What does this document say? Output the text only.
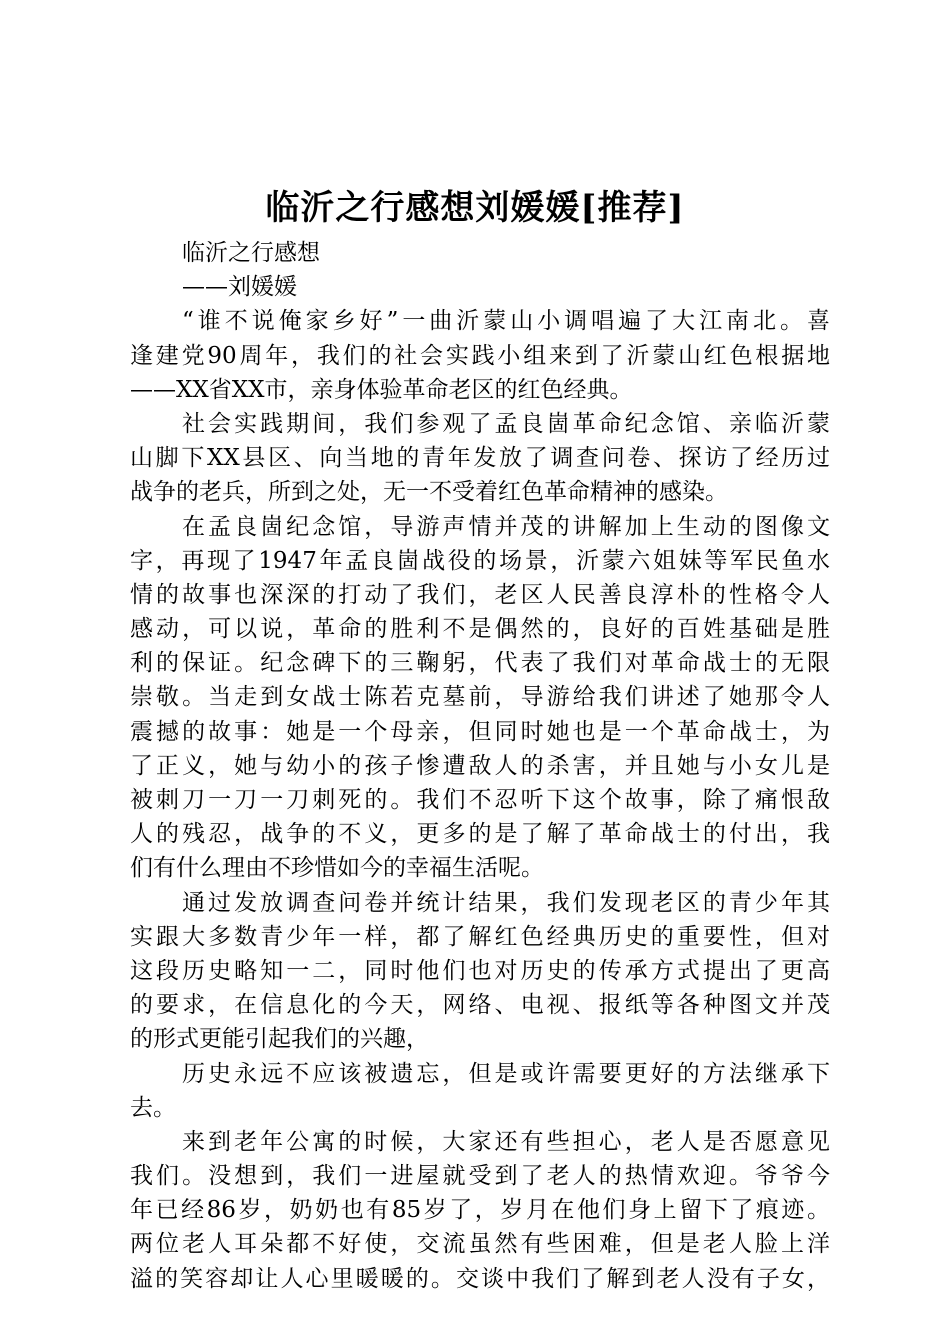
临沂之行感想刘媛媛[推荐]
临沂之行感想
——刘媛媛
“谁不说俺家乡好”一曲沂蒙山小调唱遍了大江南北。喜
逢建党90周年，我们的社会实践小组来到了沂蒙山红色根据地
——XX省XX市，亲身体验革命老区的红色经典。
社会实践期间，我们参观了孟良崮革命纪念馆、亲临沂蒙
山脚下XX县区、向当地的青年发放了调查问卷、探访了经历过
战争的老兵，所到之处，无一不受着红色革命精神的感染。
在孟良崮纪念馆，导游声情并茂的讲解加上生动的图像文
字，再现了1947年孟良崮战役的场景，沂蒙六姐妹等军民鱼水
情的故事也深深的打动了我们，老区人民善良淳朴的性格令人
感动，可以说，革命的胜利不是偶然的，良好的百姓基础是胜
利的保证。纪念碑下的三鞠躬，代表了我们对革命战士的无限
崇敬。当走到女战士陈若克墓前，导游给我们讲述了她那令人
震撼的故事：她是一个母亲，但同时她也是一个革命战士，为
了正义，她与幼小的孩子惨遭敌人的杀害，并且她与小女儿是
被刺刀一刀一刀刺死的。我们不忍听下这个故事，除了痛恨敌
人的残忍，战争的不义，更多的是了解了革命战士的付出，我
们有什么理由不珍惜如今的幸福生活呢。
通过发放调查问卷并统计结果，我们发现老区的青少年其
实跟大多数青少年一样，都了解红色经典历史的重要性，但对
这段历史略知一二，同时他们也对历史的传承方式提出了更高
的要求，在信息化的今天，网络、电视、报纸等各种图文并茂
的形式更能引起我们的兴趣，
历史永远不应该被遗忘，但是或许需要更好的方法继承下
去。
来到老年公寓的时候，大家还有些担心，老人是否愿意见
我们。没想到，我们一进屋就受到了老人的热情欢迎。爷爷今
年已经86岁，奶奶也有85岁了，岁月在他们身上留下了痕迹。
两位老人耳朵都不好使，交流虽然有些困难，但是老人脸上洋
溢的笑容却让人心里暖暖的。交谈中我们了解到老人没有子女，
